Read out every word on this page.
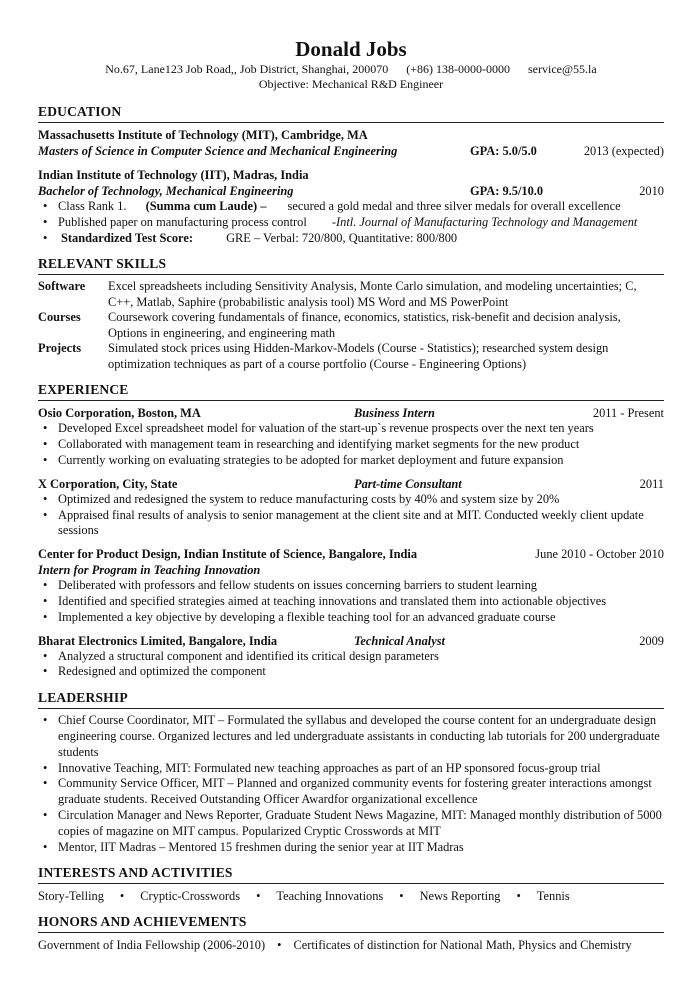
Donald Jobs
No.67, Lane123 Job Road,, Job District, Shanghai, 200070 (+86) 138-0000-0000 service@55.la
Objective: Mechanical R&D Engineer
EDUCATION
Massachusetts Institute of Technology (MIT), Cambridge, MA
Masters of Science in Computer Science and Mechanical Engineering	GPA: 5.0/5.0	2013 (expected)
Indian Institute of Technology (IIT), Madras, India
Bachelor of Technology, Mechanical Engineering	GPA: 9.5/10.0	2010
• Class Rank 1. (Summa cum Laude) – secured a gold medal and three silver medals for overall excellence
• Published paper on manufacturing process control -Intl. Journal of Manufacturing Technology and Management
• Standardized Test Score:	GRE – Verbal: 720/800, Quantitative: 800/800
RELEVANT SKILLS
Software	Excel spreadsheets including Sensitivity Analysis, Monte Carlo simulation, and modeling uncertainties; C,
C++, Matlab, Saphire (probabilistic analysis tool) MS Word and MS PowerPoint
Courses	Coursework covering fundamentals of finance, economics, statistics, risk-benefit and decision analysis,
Options in engineering, and engineering math
Projects	Simulated stock prices using Hidden-Markov-Models (Course - Statistics); researched system design
optimization techniques as part of a course portfolio (Course - Engineering Options)
EXPERIENCE
Osio Corporation, Boston, MA	Business Intern	2011 - Present
• Developed Excel spreadsheet model for valuation of the start-up`s revenue prospects over the next ten years
• Collaborated with management team in researching and identifying market segments for the new product
• Currently working on evaluating strategies to be adopted for market deployment and future expansion
X Corporation, City, State	Part-time Consultant	2011
• Optimized and redesigned the system to reduce manufacturing costs by 40% and system size by 20%
• Appraised final results of analysis to senior management at the client site and at MIT. Conducted weekly client update
sessions
Center for Product Design, Indian Institute of Science, Bangalore, India	June 2010 - October 2010
Intern for Program in Teaching Innovation
• Deliberated with professors and fellow students on issues concerning barriers to student learning
• Identified and specified strategies aimed at teaching innovations and translated them into actionable objectives
• Implemented a key objective by developing a flexible teaching tool for an advanced graduate course
Bharat Electronics Limited, Bangalore, India	Technical Analyst	2009
• Analyzed a structural component and identified its critical design parameters
• Redesigned and optimized the component
LEADERSHIP
• Chief Course Coordinator, MIT – Formulated the syllabus and developed the course content for an undergraduate design
engineering course. Organized lectures and led undergraduate assistants in conducting lab tutorials for 200 undergraduate
students
• Innovative Teaching, MIT: Formulated new teaching approaches as part of an HP sponsored focus-group trial
• Community Service Officer, MIT – Planned and organized community events for fostering greater interactions amongst
graduate students. Received Outstanding Officer Awardfor organizational excellence
• Circulation Manager and News Reporter, Graduate Student News Magazine, MIT: Managed monthly distribution of 5000
copies of magazine on MIT campus. Popularized Cryptic Crosswords at MIT
• Mentor, IIT Madras – Mentored 15 freshmen during the senior year at IIT Madras
INTERESTS AND ACTIVITIES
Story-Telling	•	Cryptic-Crosswords	•	Teaching Innovations	•	News Reporting	•	Tennis
HONORS AND ACHIEVEMENTS
Government of India Fellowship (2006-2010) • Certificates of distinction for National Math, Physics and Chemistry
